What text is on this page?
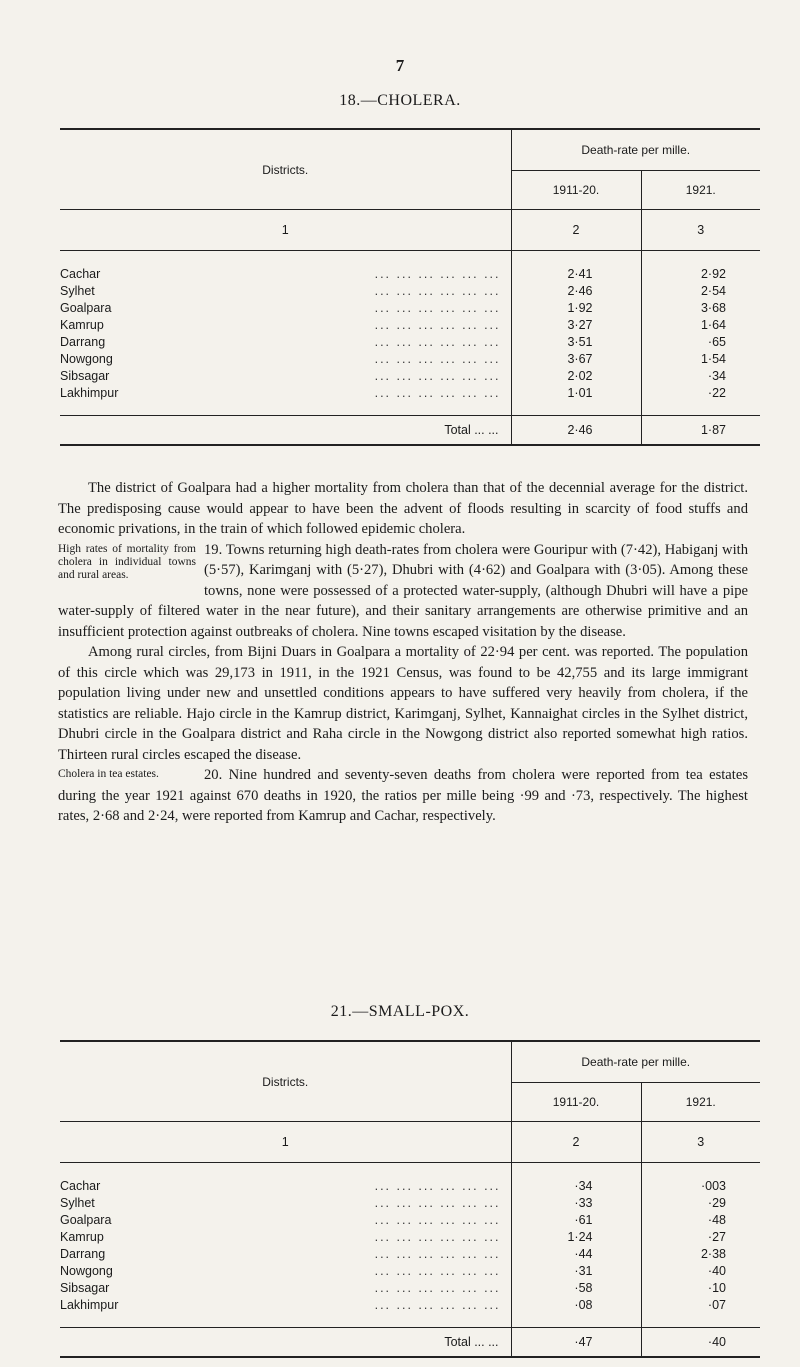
7
18.—CHOLERA.
Districts.	Death-rate per mille.	
	1911-20.	1921.
1	2	3

Cachar ... ... ... ... ... ...	2·41	2·92

Sylhet ... ... ... ... ... ...	2·46	2·54

Goalpara ... ... ... ... ... ...	1·92	3·68

Kamrup ... ... ... ... ... ...	3·27	1·64

Darrang ... ... ... ... ... ...	3·51	·65

Nowgong ... ... ... ... ... ...	3·67	1·54

Sibsagar ... ... ... ... ... ...	2·02	·34

Lakhimpur ... ... ... ... ... ...	1·01	·22

Total ... ...	2·46	1·87

The district of Goalpara had a higher mortality from cholera than that of the decennial average for the district. The predisposing cause would appear to have been the advent of floods resulting in scarcity of food stuffs and economic privations, in the train of which followed epidemic cholera.

High rates of mortality from cholera in individual towns and rural areas.
19. Towns returning high death-rates from cholera were Gouripur with (7·42), Habiganj with (5·57), Karimganj with (5·27), Dhubri with (4·62) and Goalpara with (3·05). Among these towns, none were possessed of a protected water-supply, (although Dhubri will have a pipe water-supply of filtered water in the near future), and their sanitary arrangements are otherwise primitive and an insufficient protection against outbreaks of cholera. Nine towns escaped visitation by the disease.

Among rural circles, from Bijni Duars in Goalpara a mortality of 22·94 per cent. was reported. The population of this circle which was 29,173 in 1911, in the 1921 Census, was found to be 42,755 and its large immigrant population living under new and unsettled conditions appears to have suffered very heavily from cholera, if the statistics are reliable. Hajo circle in the Kamrup district, Karimganj, Sylhet, Kannaighat circles in the Sylhet district, Dhubri circle in the Goalpara district and Raha circle in the Nowgong district also reported somewhat high ratios. Thirteen rural circles escaped the disease.

Cholera in tea estates.	20. Nine hundred and seventy-seven deaths from cholera were reported from tea estates during the year 1921 against 670 deaths in 1920, the ratios per mille being ·99 and ·73, respectively. The highest rates, 2·68 and 2·24, were reported from Kamrup and Cachar, respectively.

21.—SMALL-POX.
Districts.	Death-rate per mille.	
	1911-20.	1921.
1	2	3

Cachar ... ... ... ... ... ...	·34	·003

Sylhet ... ... ... ... ... ...	·33	·29

Goalpara ... ... ... ... ... ...	·61	·48

Kamrup ... ... ... ... ... ...	1·24	·27

Darrang ... ... ... ... ... ...	·44	2·38

Nowgong ... ... ... ... ... ...	·31	·40

Sibsagar ... ... ... ... ... ...	·58	·10

Lakhimpur ... ... ... ... ... ...	·08	·07

Total ... ...	·47	·40
